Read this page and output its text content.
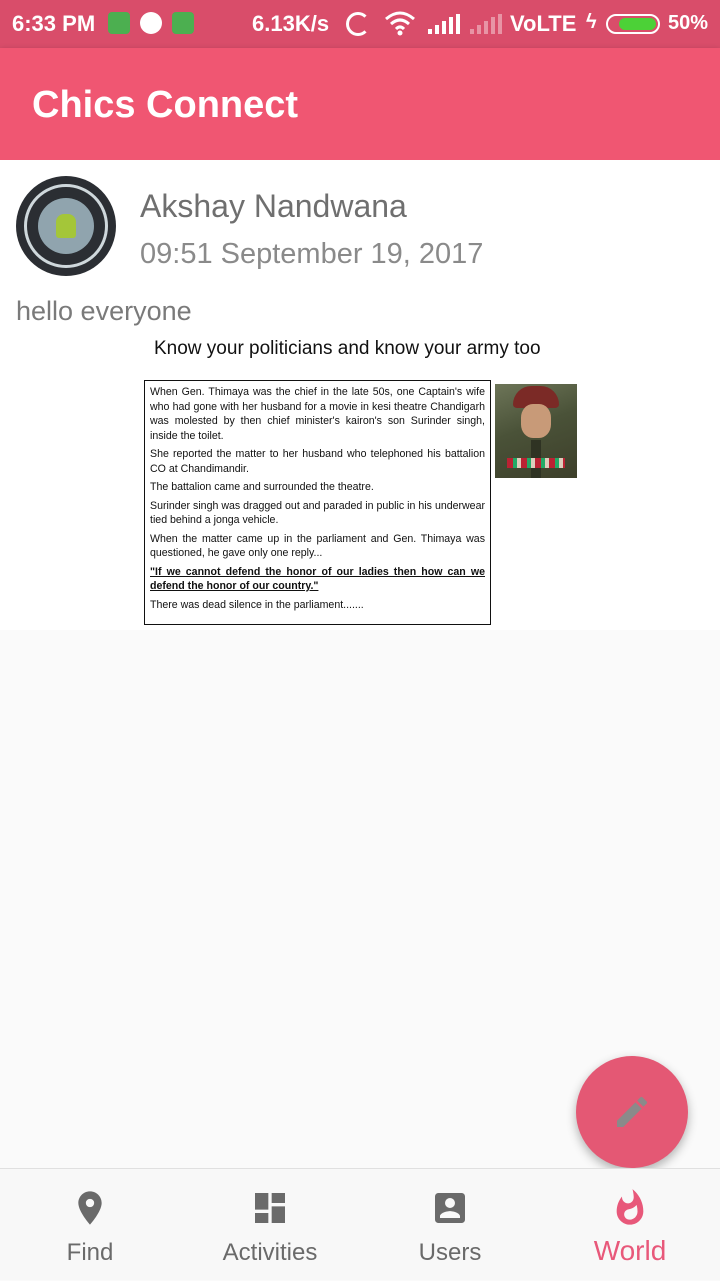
6:33 PM	6.13K/s	VoLTE ϟ	50%
Chics Connect
Akshay Nandwana
09:51 September 19, 2017
hello everyone
Know your politicians and know your army too

When Gen. Thimaya was the chief in the late 50s, one Captain's wife who had gone with her husband for a movie in kesi theatre Chandigarh was molested by then chief minister's kairon's son Surinder singh, inside the toilet.

She reported the matter to her husband who telephoned his battalion CO at Chandimandir.

The battalion came and surrounded the theatre.

Surinder singh was dragged out and paraded in public in his underwear tied behind a jonga vehicle.

When the matter came up in the parliament and Gen. Thimaya was questioned, he gave only one reply...

"If we cannot defend the honor of our ladies then how can we defend the honor of our country."

There was dead silence in the parliament.......

Find	Activities	Users	World
